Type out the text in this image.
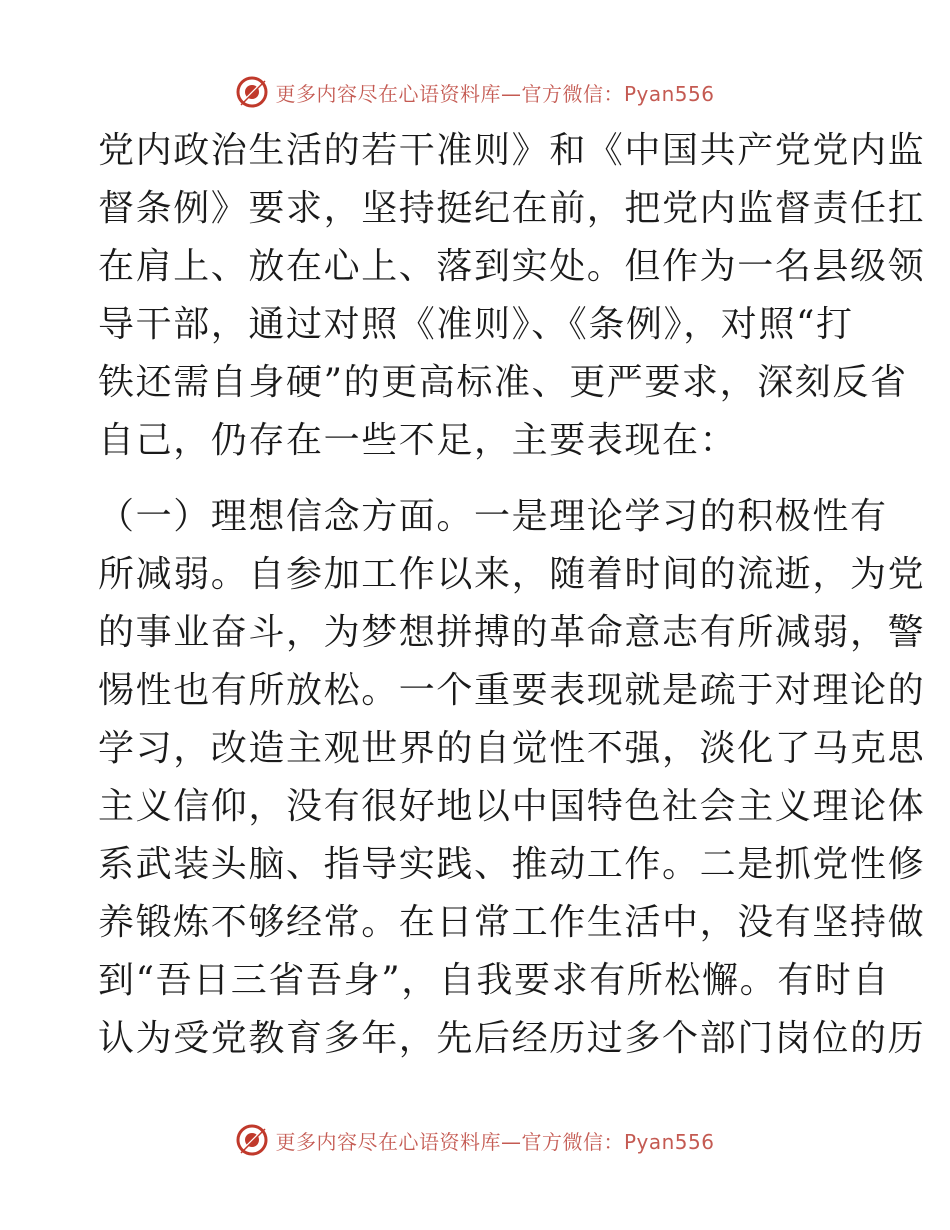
更多内容尽在心语资料库—官方微信：Pyan556
党内政治生活的若干准则》和《中国共产党党内监
督条例》要求，坚持挺纪在前，把党内监督责任扛
在肩上、放在心上、落到实处。但作为一名县级领
导干部，通过对照《准则》、《条例》，对照“打
铁还需自身硬”的更高标准、更严要求，深刻反省
自己，仍存在一些不足，主要表现在：
（一）理想信念方面。一是理论学习的积极性有
所减弱。自参加工作以来，随着时间的流逝，为党
的事业奋斗，为梦想拼搏的革命意志有所减弱，警
惕性也有所放松。一个重要表现就是疏于对理论的
学习，改造主观世界的自觉性不强，淡化了马克思
主义信仰，没有很好地以中国特色社会主义理论体
系武装头脑、指导实践、推动工作。二是抓党性修
养锻炼不够经常。在日常工作生活中，没有坚持做
到“吾日三省吾身”，自我要求有所松懈。有时自
认为受党教育多年，先后经历过多个部门岗位的历
更多内容尽在心语资料库—官方微信：Pyan556
